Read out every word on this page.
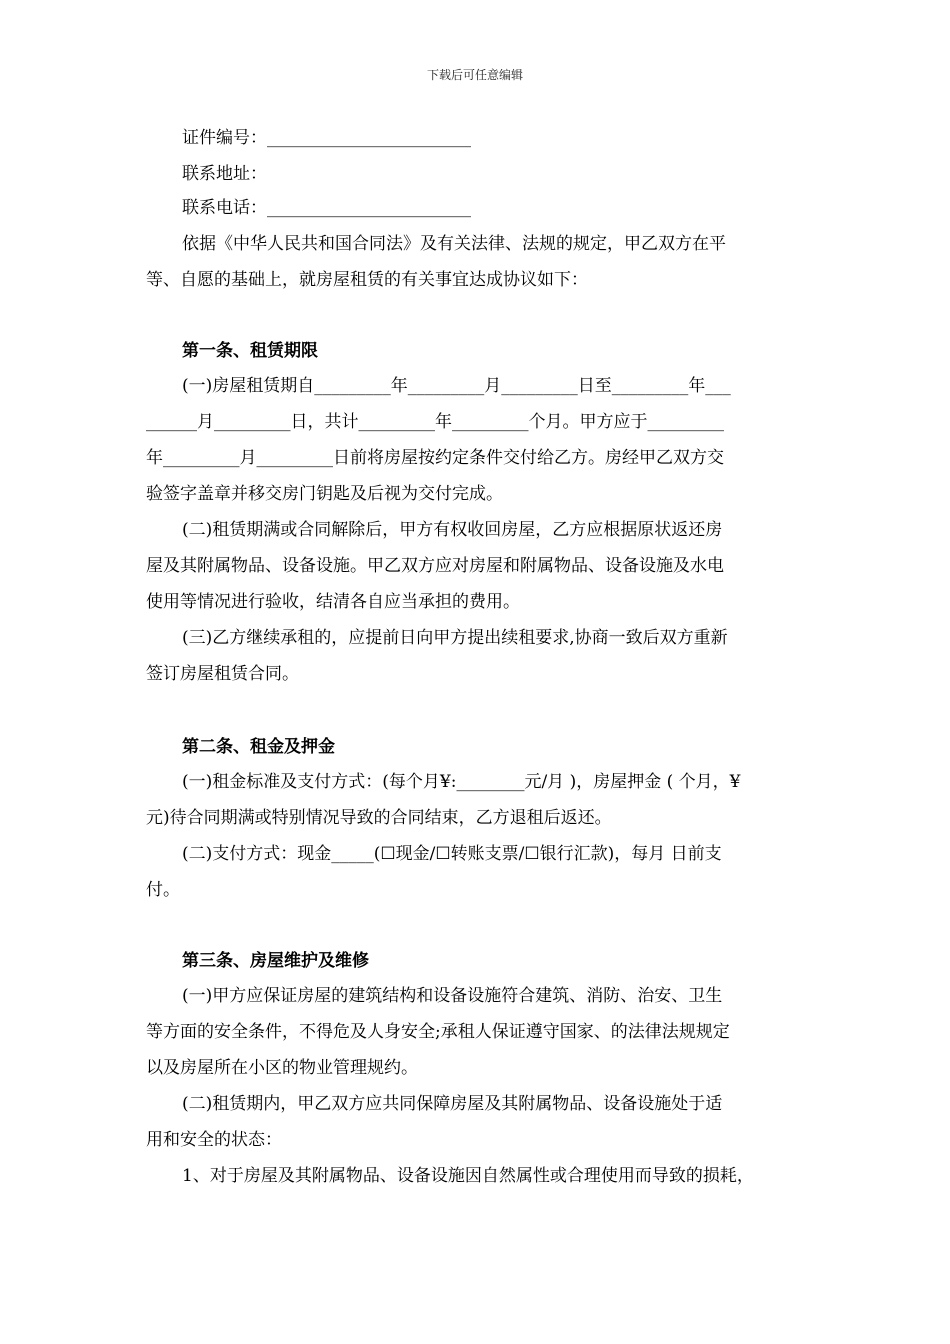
下载后可任意编辑
证件编号：________________________
联系地址：
联系电话：________________________
依据《中华人民共和国合同法》及有关法律、法规的规定，甲乙双方在平
等、自愿的基础上，就房屋租赁的有关事宜达成协议如下：
第一条、租赁期限
(一)房屋租赁期自_________年_________月_________日至_________年___
______月_________日，共计_________年_________个月。甲方应于_________
年_________月_________日前将房屋按约定条件交付给乙方。房经甲乙双方交
验签字盖章并移交房门钥匙及后视为交付完成。
(二)租赁期满或合同解除后，甲方有权收回房屋，乙方应根据原状返还房
屋及其附属物品、设备设施。甲乙双方应对房屋和附属物品、设备设施及水电
使用等情况进行验收，结清各自应当承担的费用。
(三)乙方继续承租的，应提前日向甲方提出续租要求,协商一致后双方重新
签订房屋租赁合同。
第二条、租金及押金
(一)租金标准及支付方式：(每个月¥:________元/月 )，房屋押金 ( 个月，¥
元)待合同期满或特别情况导致的合同结束，乙方退租后返还。
(二)支付方式：现金_____(☐现金/☐转账支票/☐银行汇款)，每月 日前支
付。
第三条、房屋维护及维修
(一)甲方应保证房屋的建筑结构和设备设施符合建筑、消防、治安、卫生
等方面的安全条件，不得危及人身安全;承租人保证遵守国家、的法律法规规定
以及房屋所在小区的物业管理规约。
(二)租赁期内，甲乙双方应共同保障房屋及其附属物品、设备设施处于适
用和安全的状态：
1、对于房屋及其附属物品、设备设施因自然属性或合理使用而导致的损耗，
